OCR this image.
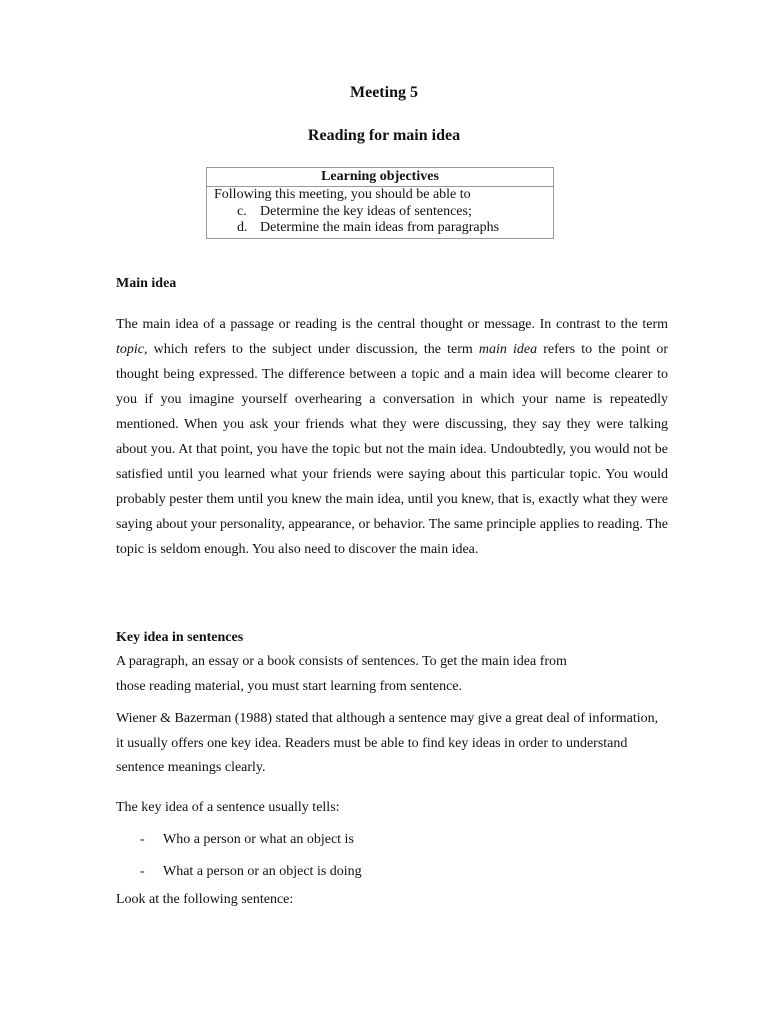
Meeting 5
Reading for main idea
Learning objectives
Following this meeting, you should be able to
c. Determine the key ideas of sentences;
d. Determine the main ideas from paragraphs
Main idea

The main idea of a passage or reading is the central thought or message. In contrast to the term topic, which refers to the subject under discussion, the term main idea refers to the point or thought being expressed. The difference between a topic and a main idea will become clearer to you if you imagine yourself overhearing a conversation in which your name is repeatedly mentioned. When you ask your friends what they were discussing, they say they were talking about you. At that point, you have the topic but not the main idea. Undoubtedly, you would not be satisfied until you learned what your friends were saying about this particular topic. You would probably pester them until you knew the main idea, until you knew, that is, exactly what they were saying about your personality, appearance, or behavior. The same principle applies to reading. The topic is seldom enough. You also need to discover the main idea.

Key idea in sentences

A paragraph, an essay or a book consists of sentences. To get the main idea from
those reading material, you must start learning from sentence.

Wiener & Bazerman (1988) stated that although a sentence may give a great deal of information, it usually offers one key idea. Readers must be able to find key ideas in order to understand sentence meanings clearly.

The key idea of a sentence usually tells:

-	Who a person or what an object is
-	What a person or an object is doing

Look at the following sentence:
